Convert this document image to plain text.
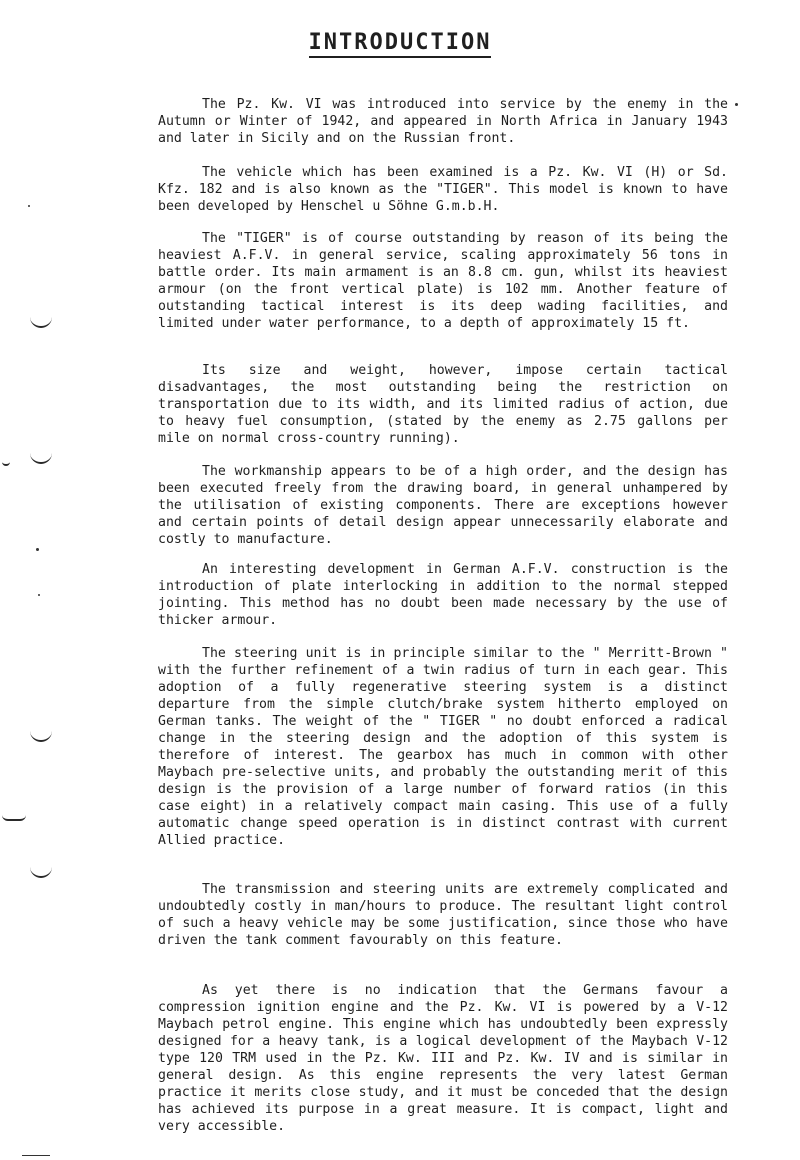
INTRODUCTION

The Pz. Kw. VI was introduced into service by the enemy in the Autumn or Winter of 1942, and appeared in North Africa in January 1943 and later in Sicily and on the Russian front.

The vehicle which has been examined is a Pz. Kw. VI (H) or Sd. Kfz. 182 and is also known as the "TIGER". This model is known to have been developed by Henschel u Söhne G.m.b.H.

The "TIGER" is of course outstanding by reason of its being the heaviest A.F.V. in general service, scaling approximately 56 tons in battle order. Its main armament is an 8.8 cm. gun, whilst its heaviest armour (on the front vertical plate) is 102 mm. Another feature of outstanding tactical interest is its deep wading facilities, and limited under water performance, to a depth of approximately 15 ft.

Its size and weight, however, impose certain tactical disadvantages, the most outstanding being the restriction on transportation due to its width, and its limited radius of action, due to heavy fuel consumption, (stated by the enemy as 2.75 gallons per mile on normal cross-country running).

The workmanship appears to be of a high order, and the design has been executed freely from the drawing board, in general unhampered by the utilisation of existing components. There are exceptions however and certain points of detail design appear unnecessarily elaborate and costly to manufacture.

An interesting development in German A.F.V. construction is the introduction of plate interlocking in addition to the normal stepped jointing. This method has no doubt been made necessary by the use of thicker armour.

The steering unit is in principle similar to the " Merritt-Brown " with the further refinement of a twin radius of turn in each gear. This adoption of a fully regenerative steering system is a distinct departure from the simple clutch/brake system hitherto employed on German tanks. The weight of the " TIGER " no doubt enforced a radical change in the steering design and the adoption of this system is therefore of interest. The gearbox has much in common with other Maybach pre-selective units, and probably the outstanding merit of this design is the provision of a large number of forward ratios (in this case eight) in a relatively compact main casing. This use of a fully automatic change speed operation is in distinct contrast with current Allied practice.

The transmission and steering units are extremely complicated and undoubtedly costly in man/hours to produce. The resultant light control of such a heavy vehicle may be some justification, since those who have driven the tank comment favourably on this feature.

As yet there is no indication that the Germans favour a compression ignition engine and the Pz. Kw. VI is powered by a V-12 Maybach petrol engine. This engine which has undoubtedly been expressly designed for a heavy tank, is a logical development of the Maybach V-12 type 120 TRM used in the Pz. Kw. III and Pz. Kw. IV and is similar in general design. As this engine represents the very latest German practice it merits close study, and it must be conceded that the design has achieved its purpose in a great measure. It is compact, light and very accessible.
